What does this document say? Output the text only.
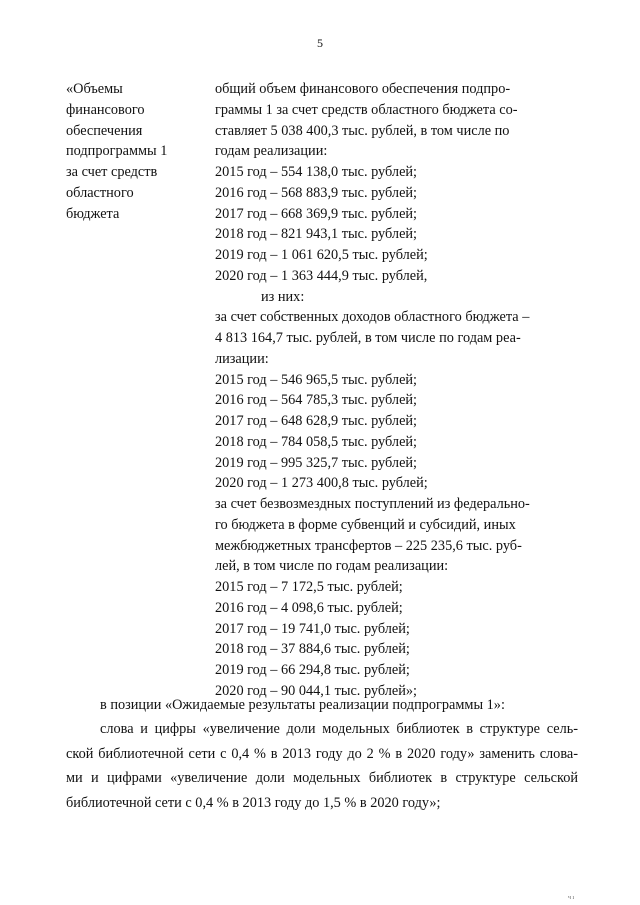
5
«Объемы
финансового
обеспечения
подпрограммы 1
за счет средств
областного
бюджета
общий объем финансового обеспечения подпро-
граммы 1 за счет средств областного бюджета со-
ставляет 5 038 400,3 тыс. рублей, в том числе по
годам реализации:
2015 год – 554 138,0 тыс. рублей;
2016 год – 568 883,9 тыс. рублей;
2017 год – 668 369,9 тыс. рублей;
2018 год – 821 943,1 тыс. рублей;
2019 год – 1 061 620,5 тыс. рублей;
2020 год – 1 363 444,9 тыс. рублей,
из них:
за счет собственных доходов областного бюджета –
4 813 164,7 тыс. рублей, в том числе по годам реа-
лизации:
2015 год – 546 965,5 тыс. рублей;
2016 год – 564 785,3 тыс. рублей;
2017 год – 648 628,9 тыс. рублей;
2018 год – 784 058,5 тыс. рублей;
2019 год – 995 325,7 тыс. рублей;
2020 год – 1 273 400,8 тыс. рублей;
за счет безвозмездных поступлений из федерально-
го бюджета в форме субвенций и субсидий, иных
межбюджетных трансфертов – 225 235,6 тыс. руб-
лей, в том числе по годам реализации:
2015 год – 7 172,5 тыс. рублей;
2016 год – 4 098,6 тыс. рублей;
2017 год – 19 741,0 тыс. рублей;
2018 год – 37 884,6 тыс. рублей;
2019 год – 66 294,8 тыс. рублей;
2020 год – 90 044,1 тыс. рублей»;
в позиции «Ожидаемые результаты реализации подпрограммы 1»:
слова и цифры «увеличение доли модельных библиотек в структуре сель-
ской библиотечной сети с 0,4 % в 2013 году до 2 % в 2020 году» заменить слова-
ми и цифрами «увеличение доли модельных библиотек в структуре сельской
библиотечной сети с 0,4 % в 2013 году до 1,5 % в 2020 году»;
ч ı
